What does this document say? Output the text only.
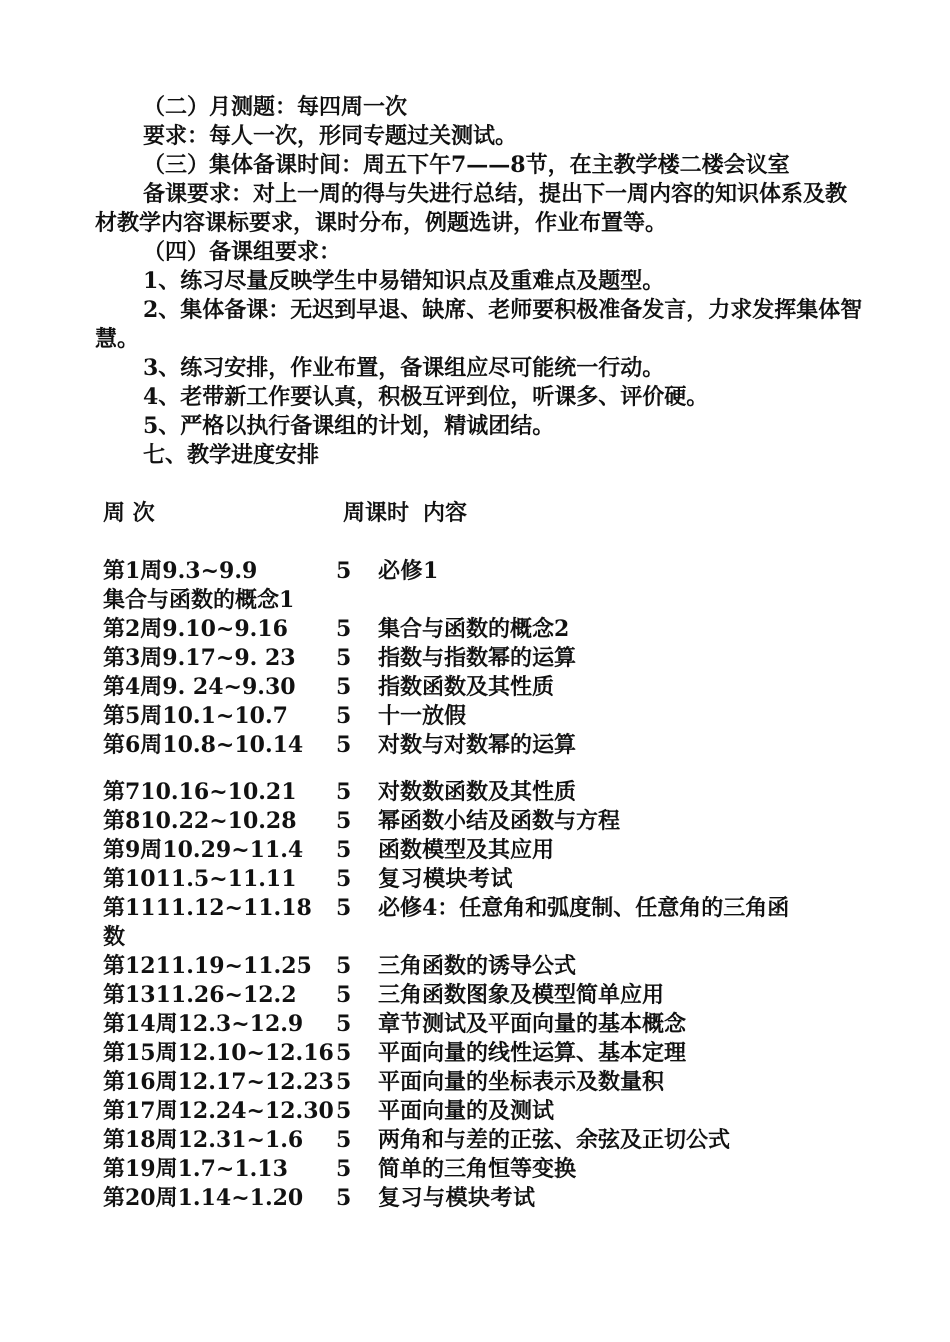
（二）月测题：每四周一次

要求：每人一次，形同专题过关测试。

（三）集体备课时间：周五下午7——8节，在主教学楼二楼会议室

备课要求：对上一周的得与失进行总结，提出下一周内容的知识体系及教材教学内容课标要求，课时分布，例题选讲，作业布置等。

（四）备课组要求：

1、练习尽量反映学生中易错知识点及重难点及题型。

2、集体备课：无迟到早退、缺席、老师要积极准备发言，力求发挥集体智慧。

3、练习安排，作业布置，备课组应尽可能统一行动。

4、老带新工作要认真，积极互评到位，听课多、评价硬。

5、严格以执行备课组的计划，精诚团结。

七、教学进度安排

周 次	周课时 内容
第1周9.3~9.9	5	必修1
集合与函数的概念1
第2周9.10~9.16	5	集合与函数的概念2
第3周9.17~9. 23	5	指数与指数幂的运算
第4周9. 24~9.30	5	指数函数及其性质
第5周10.1~10.7	5	十一放假
第6周10.8~10.14	5	对数与对数幂的运算
第710.16~10.21	5	对数数函数及其性质
第810.22~10.28	5	幂函数小结及函数与方程
第9周10.29~11.4	5	函数模型及其应用
第1011.5~11.11	5	复习模块考试
第1111.12~11.18	5	必修4：任意角和弧度制、任意角的三角函
数
第1211.19~11.25	5	三角函数的诱导公式
第1311.26~12.2	5	三角函数图象及模型简单应用
第14周12.3~12.9	5	章节测试及平面向量的基本概念
第15周12.10~12.16 5	平面向量的线性运算、基本定理
第16周12.17~12.23 5	平面向量的坐标表示及数量积
第17周12.24~12.30 5	平面向量的及测试
第18周12.31~1.6	5	两角和与差的正弦、余弦及正切公式
第19周1.7~1.13	5	简单的三角恒等变换
第20周1.14~1.20	5	复习与模块考试
